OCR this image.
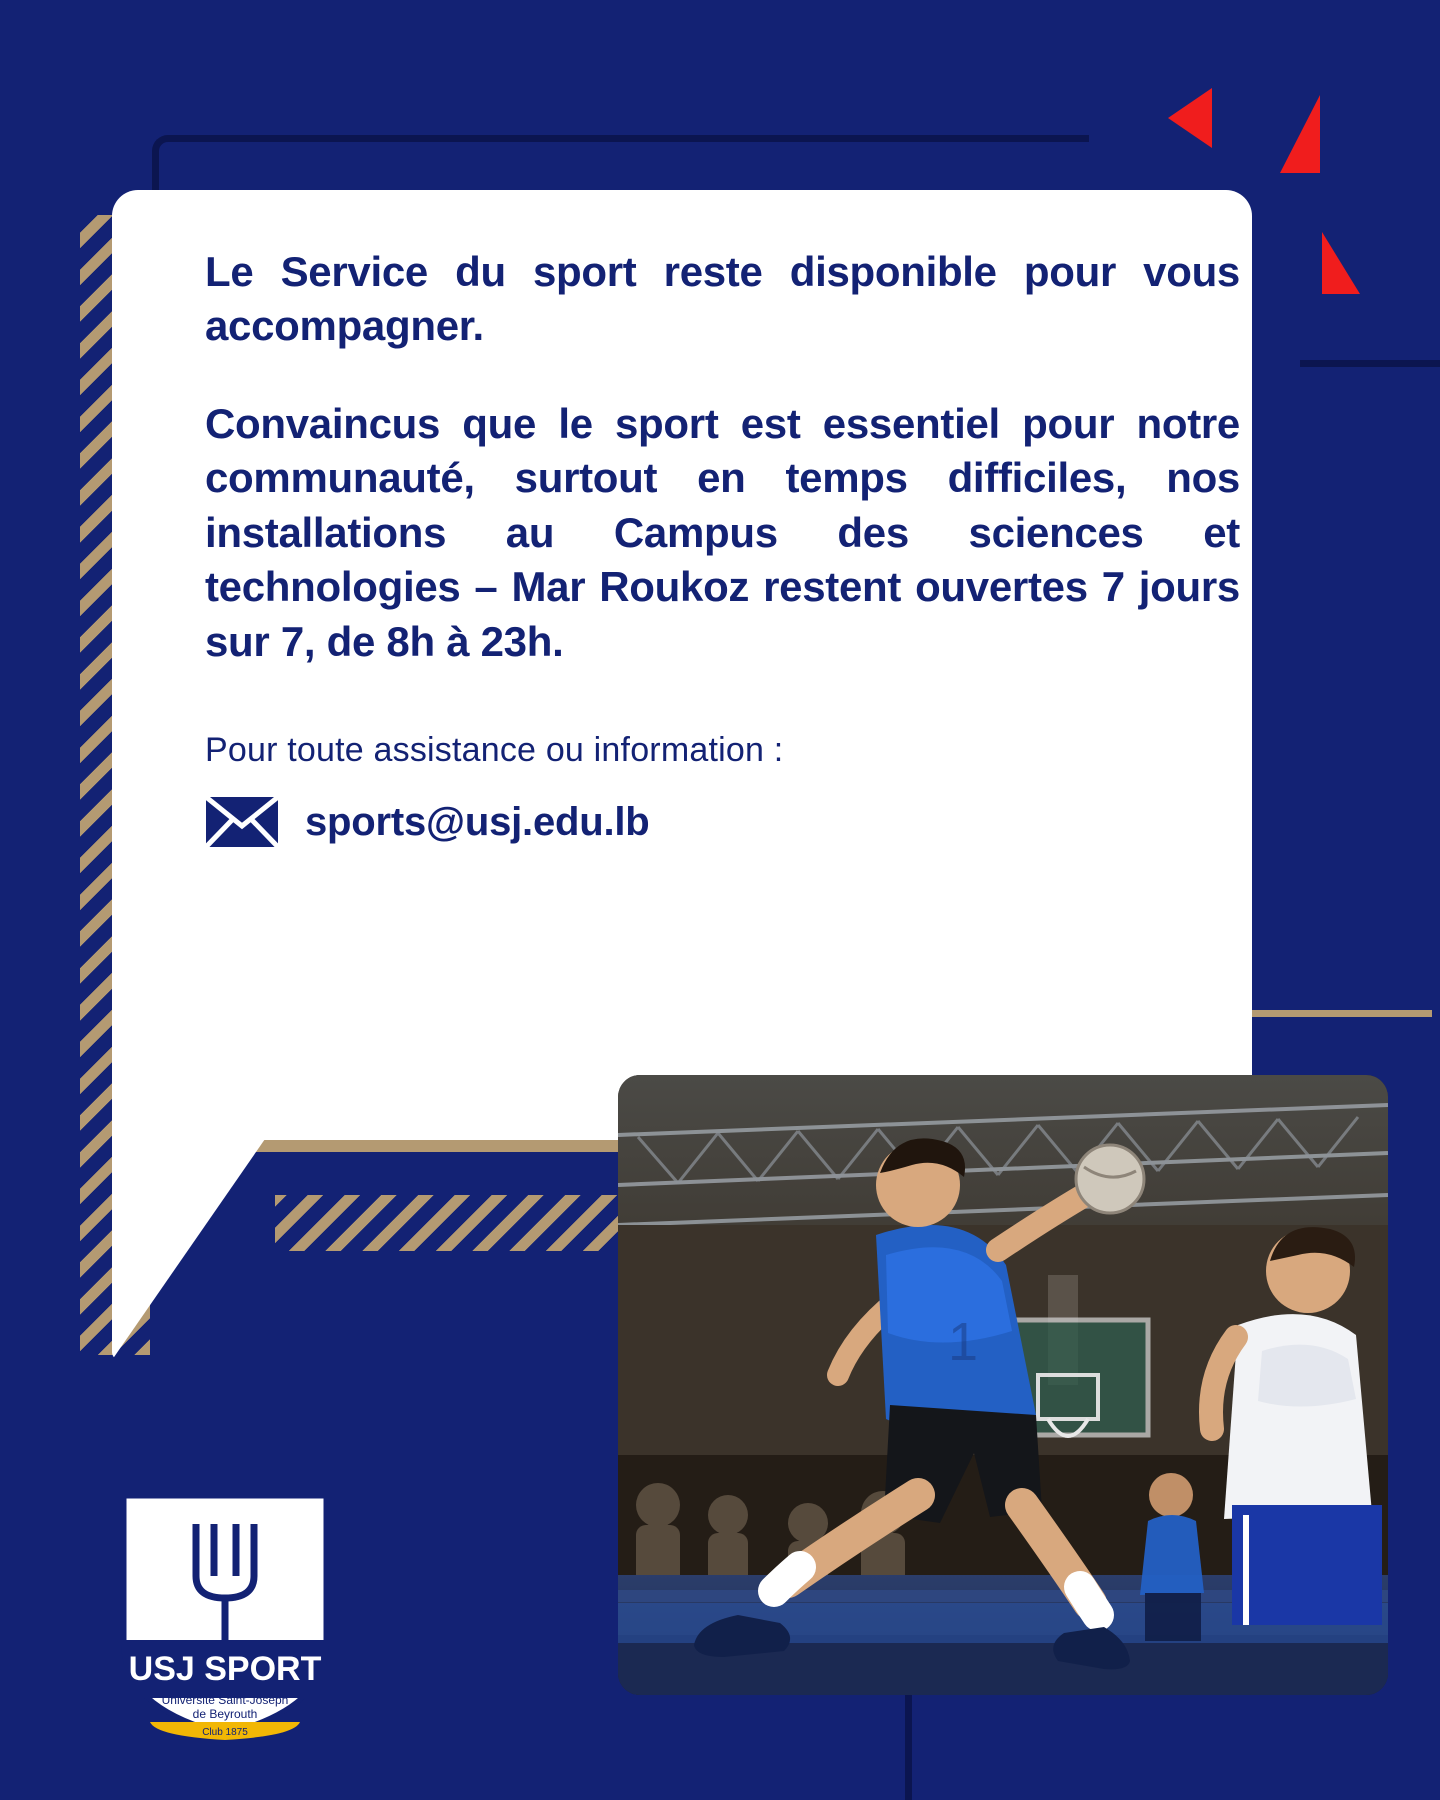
Le Service du sport reste disponible pour vous accompagner.

Convaincus que le sport est essentiel pour notre communauté, surtout en temps difficiles, nos installations au Campus des sciences et technologies – Mar Roukoz restent ouvertes 7 jours sur 7, de 8h à 23h.

Pour toute assistance ou information :

sports@usj.edu.lb
1
USJ SPORT
Université Saint-Joseph
de Beyrouth
Club 1875
